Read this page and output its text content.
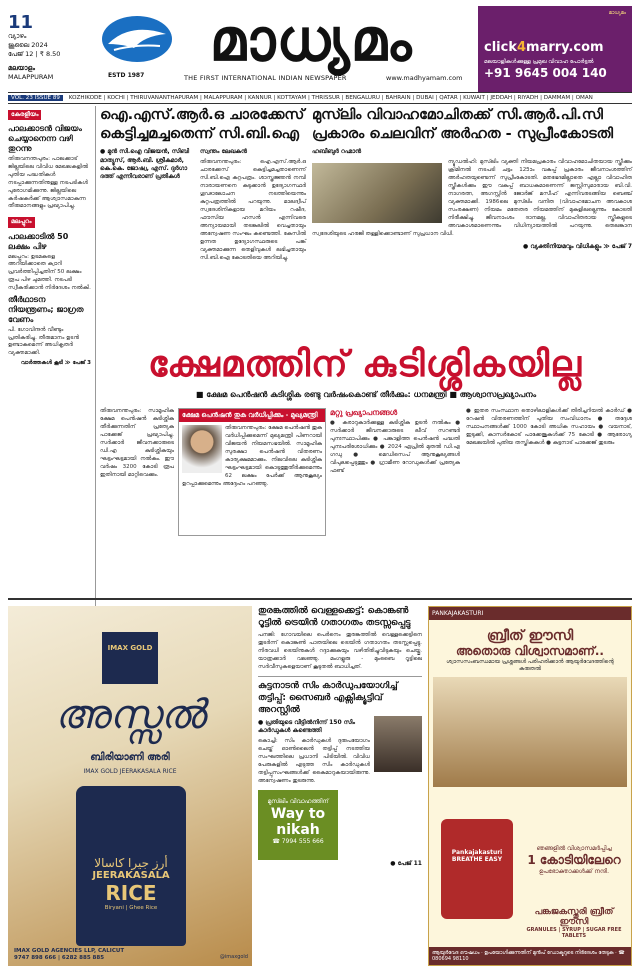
11
വ്യാഴം
ജൂലൈ 2024
പേജ് 12 | ₹ 8.50
മലയാളം
MALAPPURAM	ESTD 1987
മാധ്യമം
THE FIRST INTERNATIONAL INDIAN NEWSPAPER	www.madhyamam.com
മാധ്യമം
click4marry.com
മലയാളികൾക്കുള്ള പ്രമുഖ വിവാഹ പോർട്ടൽ
+91 9645 004 140
VOL. 23 ISSUE 89 KOZHIKODE | KOCHI | THIRUVANANTHAPURAM | MALAPPURAM | KANNUR | KOTTAYAM | THRISSUR | BENGALURU | BAHRAIN | DUBAI | QATAR | KUWAIT | JEDDAH | RIYADH | DAMMAM | OMAN
കേരളീയം
പാലക്കാടൻ വിജയം ചെയ്യാനെന്ന വഴി തുറന്നു

തിരുവനന്തപുരം: പാലക്കാട് ജില്ലയിലെ വിവിധ മേഖലകളിൽ പുതിയ പദ്ധതികൾ നടപ്പാക്കുന്നതിനുള്ള നടപടികൾ പുരോഗമിക്കുന്നു. ജില്ലയിലെ കർഷകർക്ക് ആശ്വാസമാകുന്ന തീരുമാനങ്ങളും പ്രഖ്യാപിച്ചു.

മലപ്പുറം
പാലക്കാടിൽ 50 ലക്ഷം പിഴ

മലപ്പുറം: ഉടമകളെ അറിയിക്കാതെ ക്വാറി പ്രവർത്തിപ്പിച്ചതിന് 50 ലക്ഷം രൂപ പിഴ ചുമത്തി. നടപടി സ്വീകരിക്കാൻ നിർദേശം നൽകി.

തീർഥാടന നിയന്ത്രണം; ജാഗ്രത വേണം

പി. ഗോവിന്ദൻ വീണ്ടും പ്രതികരിച്ചു. തീരുമാനം ഉടൻ ഉണ്ടാകുമെന്ന് അധികൃതർ വ്യക്തമാക്കി.

വാർത്തകൾ കൂടി ≫ പേജ് 3
ഐ.എസ്.ആർ.ഒ ചാരക്കേസ് കെട്ടിച്ചമച്ചതെന്ന് സി.ബി.ഐ
● മുൻ സി.ഐ വിജയൻ, സിബി മാത്യൂസ്, ആർ.ബി. ശ്രീകുമാർ, കെ.കെ. ജോഷ്വ, എസ്. ദുർഗാ ദത്ത് എന്നിവരാണ് പ്രതികൾ
സ്വന്തം ലേഖകൻ
തിരുവനന്തപുരം: ഐ.എസ്.ആർ.ഒ ചാരക്കേസ് കെട്ടിച്ചമച്ചതാണെന്ന് സി.ബി.ഐ കുറ്റപത്രം. ശാസ്ത്രജ്ഞൻ നമ്പി നാരായണനെ കുടുക്കാൻ ഉദ്യോഗസ്ഥർ ഗൂഢാലോചന നടത്തിയെന്നും കുറ്റപത്രത്തിൽ പറയുന്നു. മാലദ്വീപ് സ്വദേശിനികളായ മറിയം റഷീദ, ഫൗസിയ ഹസൻ എന്നിവരെ അന്യായമായി തടങ്കലിൽ വെച്ചതായും അന്വേഷണ സംഘം കണ്ടെത്തി. കേസിൽ ഉന്നത ഉദ്യോഗസ്ഥരുടെ പങ്ക് വ്യക്തമാക്കുന്ന തെളിവുകൾ ലഭിച്ചതായും സി.ബി.ഐ കോടതിയെ അറിയിച്ചു.
മുസ്‍ലിം വിവാഹമോചിതക്ക് സി.ആർ.പി.സി പ്രകാരം ചെലവിന് അർഹത - സുപ്രീംകോടതി
ഹബീബുർ റഹ്മാൻ
ന്യൂഡൽഹി: മുസ്‍ലിം വ്യക്തി നിയമപ്രകാരം വിവാഹമോചിതയായ സ്ത്രീക്കും ക്രിമിനൽ നടപടി ചട്ടം 125ാം വകുപ്പ് പ്രകാരം ജീവനാംശത്തിന് അർഹതയുണ്ടെന്ന് സുപ്രീംകോടതി. മതഭേദമില്ലാതെ എല്ലാ വിവാഹിത സ്ത്രീകൾക്കും ഈ വകുപ്പ് ബാധകമാണെന്ന് ജസ്റ്റിസുമാരായ ബി.വി. നാഗരത്ന, അഗസ്റ്റിൻ ജോർജ് മസീഹ് എന്നിവരടങ്ങിയ ബെഞ്ച് വ്യക്തമാക്കി. 1986ലെ മുസ്‍ലിം വനിത (വിവാഹമോചന അവകാശ സംരക്ഷണ) നിയമം മതേതര നിയമത്തിന് മുകളിലല്ലെന്നും കോടതി നിരീക്ഷിച്ചു. ജീവനാംശം ദാനമല്ല, വിവാഹിതരായ സ്ത്രീകളുടെ അവകാശമാണെന്നും വിധിന്യായത്തിൽ പറയുന്നു. തെലങ്കാന സ്വദേശിയുടെ ഹരജി തള്ളിക്കൊണ്ടാണ് സുപ്രധാന വിധി.
● വ്യക്തിനിയമവും വിധികളും ≫ പേജ് 7
ക്ഷേമത്തിന് കുടിശ്ശികയില്ല
■ ക്ഷേമ പെൻഷൻ കുടിശ്ശിക രണ്ടു വർഷംകൊണ്ട് തീർക്കും: ധനമന്ത്രി ■ ആശ്വാസപ്രഖ്യാപനം
തിരുവനന്തപുരം: സാമൂഹിക ക്ഷേമ പെൻഷൻ കുടിശ്ശിക തീർക്കുന്നതിന് പ്രത്യേക പാക്കേജ് പ്രഖ്യാപിച്ചു. സർക്കാർ ജീവനക്കാരുടെ ഡി.എ കുടിശ്ശികയും ഘട്ടംഘട്ടമായി നൽകും. ഈ വർഷം 3200 കോടി രൂപ ഇതിനായി മാറ്റിവെക്കും.
ക്ഷേമ പെൻഷൻ തുക വർധിപ്പിക്കും - മുഖ്യമന്ത്രി
തിരുവനന്തപുരം: ക്ഷേമ പെൻഷൻ തുക വർധിപ്പിക്കുമെന്ന് മുഖ്യമന്ത്രി പിണറായി വിജയൻ നിയമസഭയിൽ. സാമൂഹിക സുരക്ഷാ പെൻഷൻ വിതരണം കാര്യക്ഷമമാക്കും. നിലവിലെ കുടിശ്ശിക ഘട്ടംഘട്ടമായി കൊടുത്തുതീർക്കുമെന്നും 62 ലക്ഷം പേർക്ക് ആനുകൂല്യം ഉറപ്പാക്കുമെന്നും അദ്ദേഹം പറഞ്ഞു.
മറ്റു പ്രഖ്യാപനങ്ങൾ
● കരാറുകാർക്കുള്ള കുടിശ്ശിക ഉടൻ നൽകും ● സർക്കാർ ജീവനക്കാരുടെ ലീവ് സറണ്ടർ പുനഃസ്ഥാപിക്കും ● പങ്കാളിത്ത പെൻഷൻ പദ്ധതി പുനഃപരിശോധിക്കും ● 2024 ഏപ്രിൽ മുതൽ ഡി.എ ഗഡു ● മെഡിസെപ് ആനുകൂല്യങ്ങൾ വിപുലപ്പെടുത്തും ● ഗ്രാമീണ റോഡുകൾക്ക് പ്രത്യേക ഫണ്ട്
● ഇതര സംസ്ഥാന തൊഴിലാളികൾക്ക് തിരിച്ചറിയൽ കാർഡ് ● റേഷൻ വിതരണത്തിന് പുതിയ സംവിധാനം ● തദ്ദേശ സ്ഥാപനങ്ങൾക്ക് 1000 കോടി അധിക സഹായം ● വയനാട്, ഇടുക്കി, കാസർകോട് പാക്കേജുകൾക്ക് 75 കോടി ● ആരോഗ്യ മേഖലയിൽ പുതിയ തസ്തികകൾ ● കുട്ടനാട് പാക്കേജ് തുടരും
IMAX GOLD
അസ്സൽ
ബിരിയാണി അരി
IMAX GOLD JEERAKASALA RICE
أرز جيرا كاسالا
JEERAKASALA
RICE
Biryani | Ghee Rice
IMAX GOLD AGENCIES LLP, CALICUT
9747 898 666 | 6282 885 885	@imaxgold
തുരങ്കത്തിൽ വെള്ളക്കെട്ട്: കൊങ്കൺ റൂട്ടിൽ ട്രെയിൻ ഗതാഗതം തടസ്സപ്പെട്ടു
പനജി: ഗോവയിലെ പെർനെം തുരങ്കത്തിൽ വെള്ളക്കെട്ടിനെ തുടർന്ന് കൊങ്കൺ പാതയിലെ ട്രെയിൻ ഗതാഗതം തടസ്സപ്പെട്ടു. നിരവധി ട്രെയിനുകൾ റദ്ദാക്കുകയും വഴിതിരിച്ചുവിടുകയും ചെയ്തു. യാത്രക്കാർ വലഞ്ഞു. മംഗളൂരു - മുംബൈ റൂട്ടിലെ സർവീസുകളെയാണ് കൂടുതൽ ബാധിച്ചത്.
കുട്ടനാടൻ സിം കാർഡുപയോഗിച്ച് തട്ടിപ്പ്: സൈബർ എക്സിക്യൂട്ടിവ് അറസ്റ്റിൽ
● പ്രതിയുടെ വീട്ടിൽനിന്ന് 150 സിം കാർഡുകൾ കണ്ടെത്തി
കൊച്ചി: സിം കാർഡുകൾ ദുരുപയോഗം ചെയ്ത് ഓൺലൈൻ തട്ടിപ്പ് നടത്തിയ സംഘത്തിലെ പ്രധാനി പിടിയിൽ. വിവിധ പേരുകളിൽ എടുത്ത സിം കാർഡുകൾ തട്ടിപ്പുസംഘങ്ങൾക്ക് കൈമാറുകയായിരുന്നു. അന്വേഷണം തുടരുന്നു.
മുസ്‍ലിം വിവാഹത്തിന്
Way to nikah
☎ 7994 555 666
● പേജ് 11
PANKAJAKASTURI
ബ്രീത് ഈസി
അതൊരു വിശ്വാസമാണ്..
ശ്വാസസംബന്ധമായ പ്രശ്നങ്ങൾ പരിഹരിക്കാൻ ആയുർവേദത്തിന്റെ കരുതൽ
Pankajakasturi BREATHE EASY
ഞങ്ങളിൽ വിശ്വാസമർപ്പിച്ച
1 കോടിയിലേറെ
ഉപഭോക്താക്കൾക്ക് നന്ദി.
പങ്കജകസ്തൂരി ബ്രീത് ഈസി
GRANULES | SYRUP | SUGAR FREE TABLETS
ആയുർവേദ ഔഷധം · ഉപയോഗിക്കുന്നതിന് മുൻപ് ഡോക്ടറുടെ നിർദേശം തേടുക · ☎ 080694 98110
